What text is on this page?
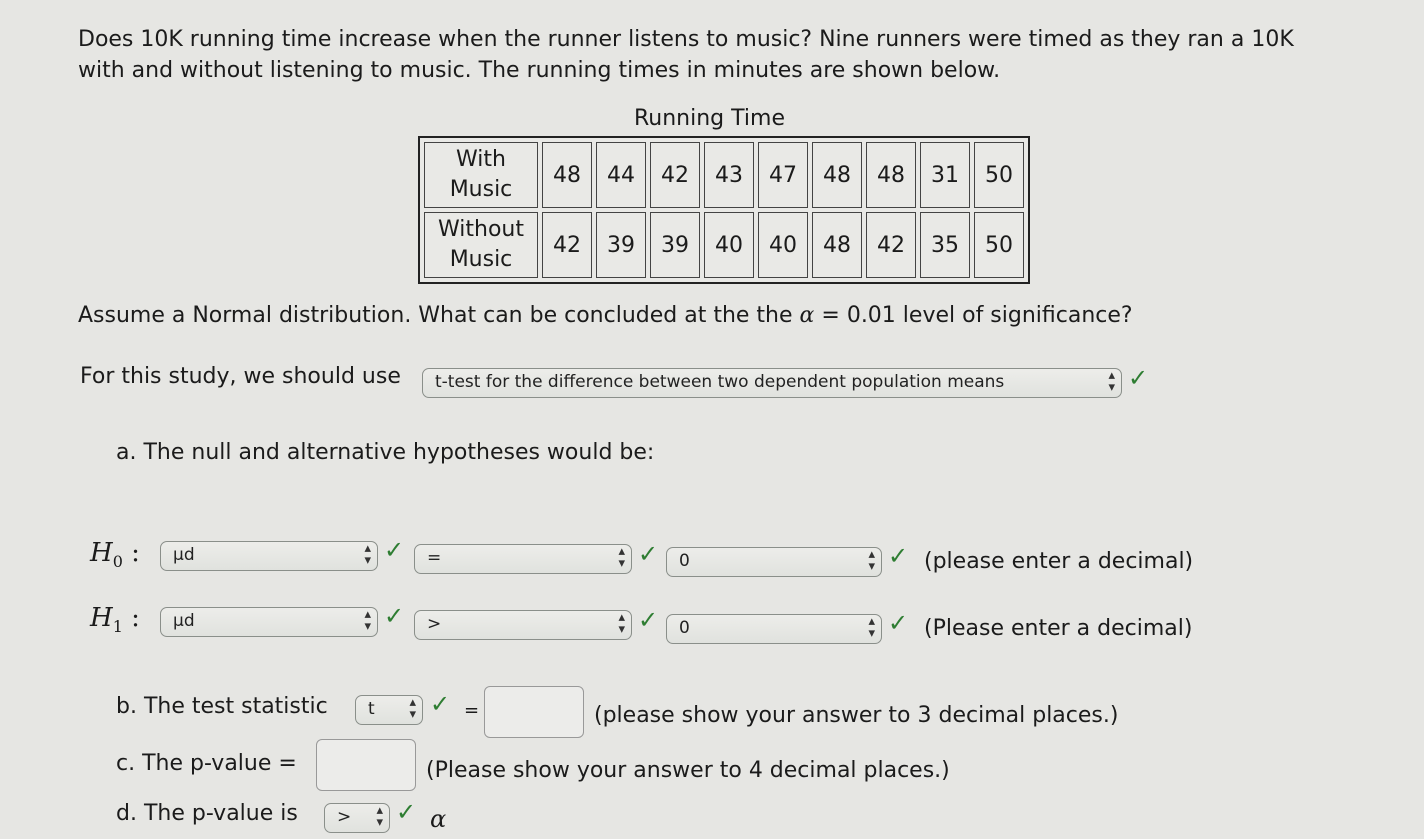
Does 10K running time increase when the runner listens to music? Nine runners were timed as they ran a 10K
with and without listening to music. The running times in minutes are shown below.
Running Time
With
Music	48	44	42	43	47	48	48	31	50

Without
Music	42	39	39	40	40	48	42	35	50
Assume a Normal distribution. What can be concluded at the the α = 0.01 level of significance?
For this study, we should use	t-test for the difference between two dependent population means	✓
a. The null and alternative hypotheses would be:
$H_0$ :	μd	✓	=	✓	0	✓ (please enter a decimal)
$H_1$ :	μd	✓	>	✓	0	✓ (Please enter a decimal)
b. The test statistic	t	✓ =	(please show your answer to 3 decimal places.)
c. The p-value =	(Please show your answer to 4 decimal places.)
d. The p-value is	>	✓ α
